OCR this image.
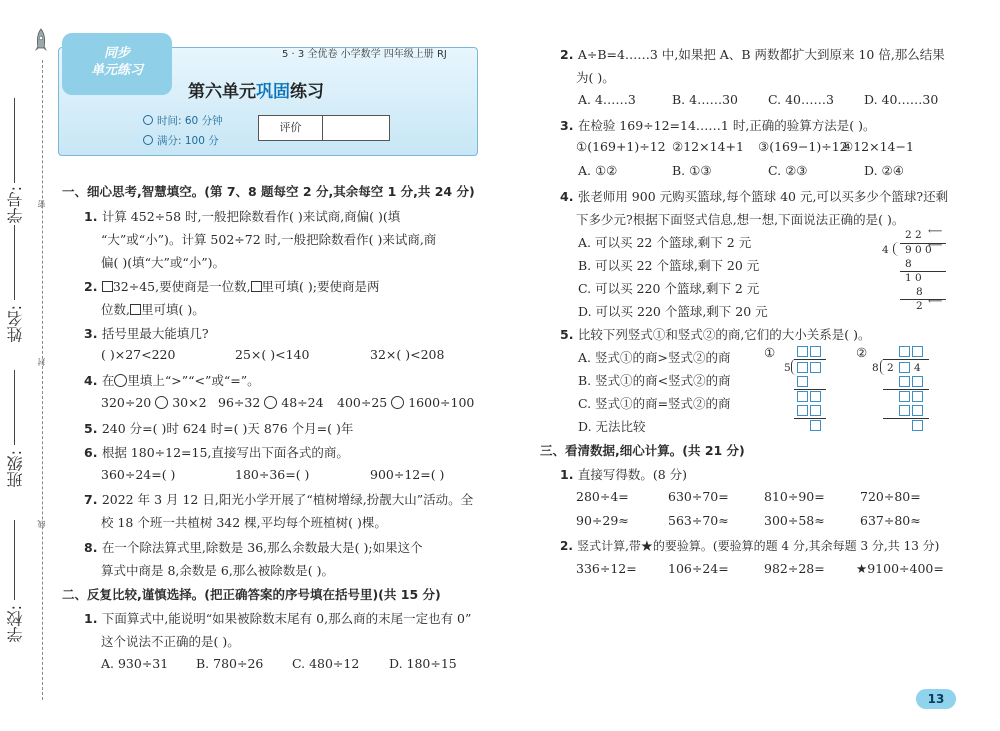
密
封
线
学号:
姓名:
班级:
学校:
同步
单元练习
5 · 3 全优卷 小学数学 四年级上册 RJ
第六单元巩固练习
时间: 60 分钟
满分: 100 分
评价
一、细心思考,智慧填空。(第 7、8 题每空 2 分,其余每空 1 分,共 24 分)
1. 计算 452÷58 时,一般把除数看作( )来试商,商偏( )(填
“大”或“小”)。计算 502÷72 时,一般把除数看作( )来试商,商
偏( )(填“大”或“小”)。
2. 32÷45,要使商是一位数, 里可填( );要使商是两
位数, 里可填( )。
3. 括号里最大能填几?
( )×27<220	25×( )<140	32×( )<208
4. 在 里填上“>”“<”或“=”。
320÷20 30×2 96÷32 48÷24 400÷25 1600÷100
5. 240 分=( )时 624 时=( )天 876 个月=( )年
6. 根据 180÷12=15,直接写出下面各式的商。
360÷24=( )	180÷36=( )	900÷12=( )
7. 2022 年 3 月 12 日,阳光小学开展了“植树增绿,扮靓大山”活动。全
校 18 个班一共植树 342 棵,平均每个班植树( )棵。
8. 在一个除法算式里,除数是 36,那么余数最大是( );如果这个
算式中商是 8,余数是 6,那么被除数是( )。
二、反复比较,谨慎选择。(把正确答案的序号填在括号里)(共 15 分)
1. 下面算式中,能说明“如果被除数末尾有 0,那么商的末尾一定也有 0”
这个说法不正确的是( )。
A. 930÷31 B. 780÷26 C. 480÷12 D. 180÷15
2. A÷B=4……3 中,如果把 A、B 两数都扩大到原来 10 倍,那么结果
为( )。
A. 4……3	B. 4……30 C. 40……3 D. 40……30
3. 在检验 169÷12=14……1 时,正确的验算方法是( )。
①(169+1)÷12 ②12×14+1 ③(169−1)÷12
④12×14−1
A. ①②	B. ①③	C. ②③	D. ②④
4. 张老师用 900 元购买篮球,每个篮球 40 元,可以买多少个篮球?还剩
下多少元?根据下面竖式信息,想一想,下面说法正确的是( )。
A. 可以买 22 个篮球,剩下 2 元
B. 可以买 22 个篮球,剩下 20 元
C. 可以买 220 个篮球,剩下 2 元
D. 可以买 220 个篮球,剩下 20 元
2 2
4 9 0 0
8
1 0
8
2
⟵
⟵
⟵
5. 比较下列竖式①和竖式②的商,它们的大小关系是( )。
A. 竖式①的商>竖式②的商
B. 竖式①的商<竖式②的商
C. 竖式①的商=竖式②的商
D. 无法比较
①
5
②
8 2 4
三、看清数据,细心计算。(共 21 分)
1. 直接写得数。(8 分)
280÷4=	630÷70=	810÷90=	720÷80=
90÷29≈	563÷70≈	300÷58≈	637÷80≈
2. 竖式计算,带★的要验算。(要验算的题 4 分,其余每题 3 分,共 13 分)
336÷12=	106÷24=	982÷28=	★9100÷400=
13
